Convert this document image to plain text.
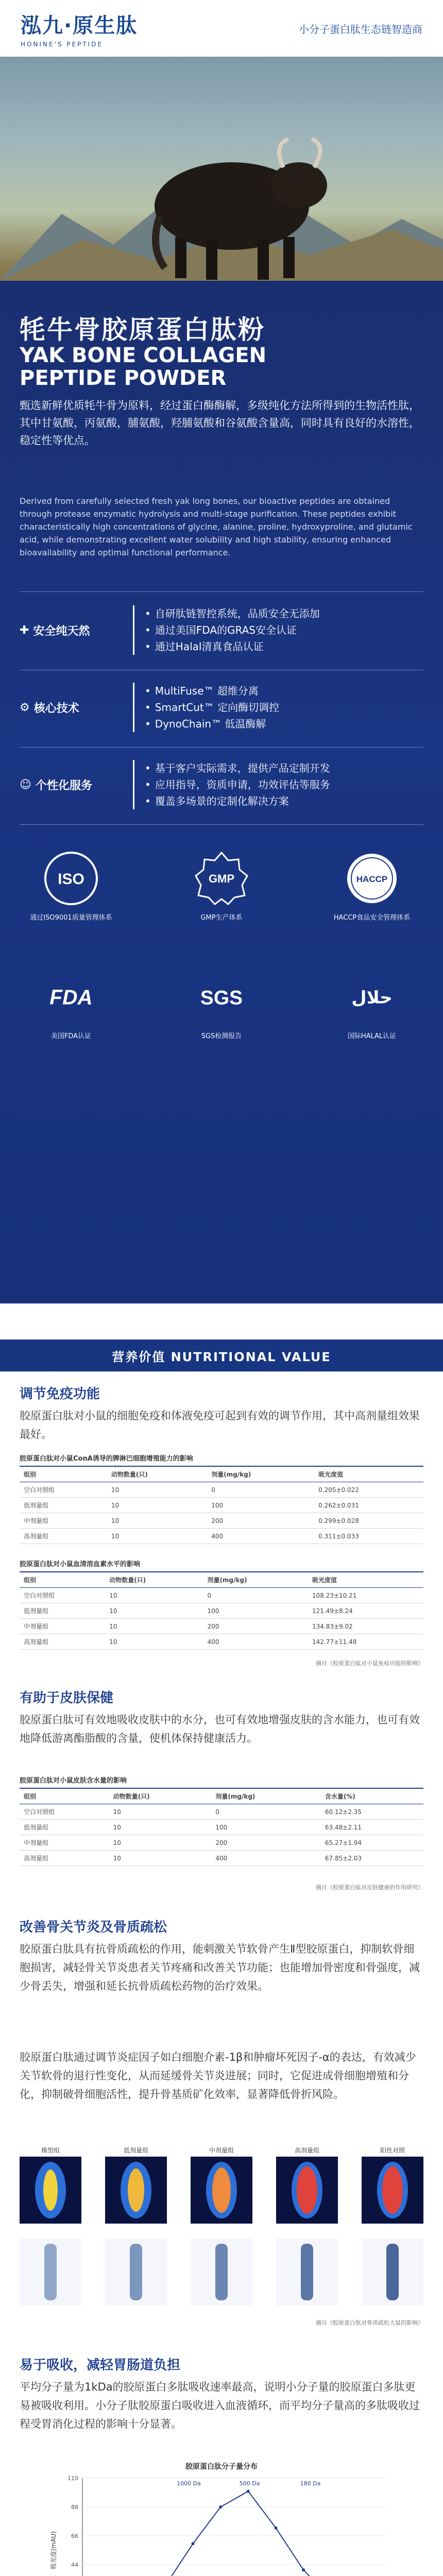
泓九·原生肽
HONINE'S PEPTIDE
小分子蛋白肽生态链智造商
牦牛骨胶原蛋白肽粉
YAK BONE COLLAGEN
PEPTIDE POWDER
甄选新鲜优质牦牛骨为原料，经过蛋白酶酶解，多级纯化方法所得到的生物活性肽，其中甘氨酸，丙氨酸，脯氨酸，羟脯氨酸和谷氨酸含量高，同时具有良好的水溶性，稳定性等优点。
Derived from carefully selected fresh yak long bones, our bioactive peptides are obtained through protease enzymatic hydrolysis and multi-stage purification. These peptides exhibit characteristically high concentrations of glycine, alanine, proline, hydroxyproline, and glutamic acid, while demonstrating excellent water solubility and high stability, ensuring enhanced bioavailability and optimal functional performance.
✚ 安全纯天然
• 自研肽链智控系统，品质安全无添加
• 通过美国FDA的GRAS安全认证
• 通过Halal清真食品认证
⚙ 核心技术
• MultiFuse™ 超维分离
• SmartCut™ 定向酶切调控
• DynoChain™ 低温酶解
☺ 个性化服务
• 基于客户实际需求，提供产品定制开发
• 应用指导，资质申请，功效评估等服务
• 覆盖多场景的定制化解决方案
ISO
通过ISO9001质量管理体系
GMP
GMP生产体系
HACCP
HACCP食品安全管理体系
FDA
美国FDA认证
SGS
SGS检测报告
حلال
国际HALAL认证
营养价值 NUTRITIONAL VALUE
调节免疫功能
胶原蛋白肽对小鼠的细胞免疫和体液免疫可起到有效的调节作用，其中高剂量组效果最好。
胶原蛋白肽对小鼠ConA诱导的脾淋巴细胞增殖能力的影响
组别	动物数量(只)	剂量(mg/kg)	吸光度值
空白对照组	10	0	0.205±0.022
低剂量组	10	100	0.262±0.031
中剂量组	10	200	0.299±0.028
高剂量组	10	400	0.311±0.033
胶原蛋白肽对小鼠血清溶血素水平的影响
组别	动物数量(只)	剂量(mg/kg)	吸光度值
空白对照组	10	0	108.23±10.21
低剂量组	10	100	121.49±8.24
中剂量组	10	200	134.83±9.02
高剂量组	10	400	142.77±11.48
摘自《胶原蛋白肽对小鼠免疫功能的影响》
有助于皮肤保健
胶原蛋白肽可有效地吸收皮肤中的水分，也可有效地增强皮肤的含水能力，也可有效地降低游离酯脂酸的含量，使机体保持健康活力。
胶原蛋白肽对小鼠皮肤含水量的影响
组别	动物数量(只)	剂量(mg/kg)	含水量(%)
空白对照组	10	0	60.12±2.35
低剂量组	10	100	63.48±2.11
中剂量组	10	200	65.27±1.94
高剂量组	10	400	67.85±2.03
摘自《胶原蛋白肽对皮肤健康的作用研究》
改善骨关节炎及骨质疏松
胶原蛋白肽具有抗骨质疏松的作用，能刺激关节软骨产生Ⅱ型胶原蛋白，抑制软骨细胞损害，减轻骨关节炎患者关节疼痛和改善关节功能；也能增加骨密度和骨强度，减少骨丢失，增强和延长抗骨质疏松药物的治疗效果。
胶原蛋白肽通过调节炎症因子如白细胞介素-1β和肿瘤坏死因子-α的表达，有效减少关节软骨的退行性变化，从而延缓骨关节炎进展；同时，它促进成骨细胞增殖和分化，抑制破骨细胞活性，提升骨基质矿化效率，显著降低骨折风险。
模型组	低剂量组	中剂量组	高剂量组	阳性对照
摘自《胶原蛋白肽对骨质疏松大鼠的影响》
易于吸收，减轻胃肠道负担
平均分子量为1kDa的胶原蛋白多肽吸收速率最高，说明小分子量的胶原蛋白多肽更易被吸收利用。小分子肽胶原蛋白吸收进入血液循环，而平均分子量高的多肽吸收过程受胃消化过程的影响十分显著。
胶原蛋白肽分子量分布
44
66
88
110
吸光度(mAU)
1000 Da	500 Da	180 Da
